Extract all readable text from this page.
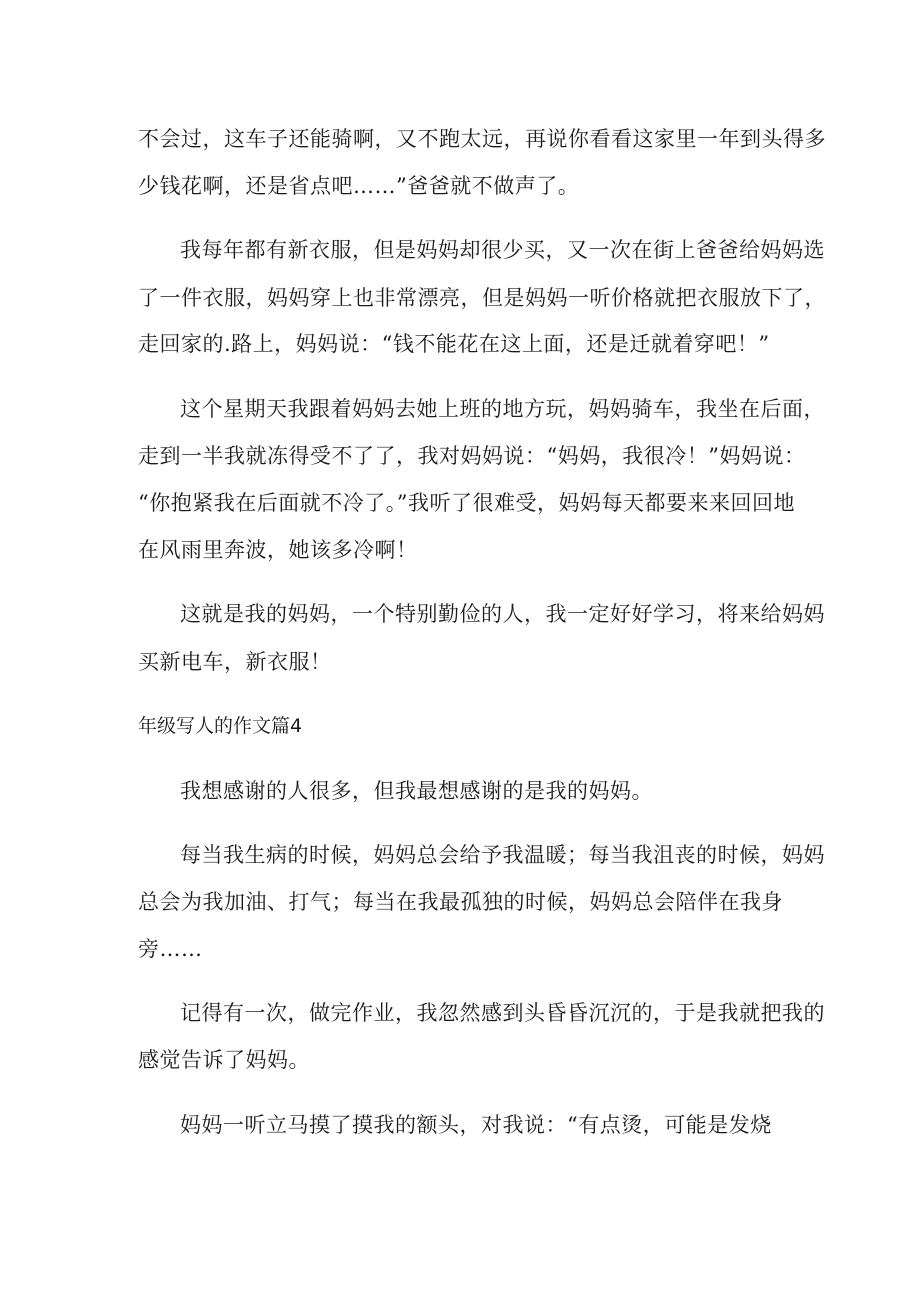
不会过，这车子还能骑啊，又不跑太远，再说你看看这家里一年到头得多
少钱花啊，还是省点吧……”爸爸就不做声了。
我每年都有新衣服，但是妈妈却很少买，又一次在街上爸爸给妈妈选
了一件衣服，妈妈穿上也非常漂亮，但是妈妈一听价格就把衣服放下了，
走回家的.路上，妈妈说：“钱不能花在这上面，还是迁就着穿吧！”
这个星期天我跟着妈妈去她上班的地方玩，妈妈骑车，我坐在后面，
走到一半我就冻得受不了了，我对妈妈说：“妈妈，我很冷！”妈妈说：
“你抱紧我在后面就不冷了。”我听了很难受，妈妈每天都要来来回回地
在风雨里奔波，她该多冷啊！
这就是我的妈妈，一个特别勤俭的人，我一定好好学习，将来给妈妈
买新电车，新衣服！
年级写人的作文篇4
我想感谢的人很多，但我最想感谢的是我的妈妈。
每当我生病的时候，妈妈总会给予我温暖；每当我沮丧的时候，妈妈
总会为我加油、打气；每当在我最孤独的时候，妈妈总会陪伴在我身
旁……
记得有一次，做完作业，我忽然感到头昏昏沉沉的，于是我就把我的
感觉告诉了妈妈。
妈妈一听立马摸了摸我的额头，对我说：“有点烫，可能是发烧
